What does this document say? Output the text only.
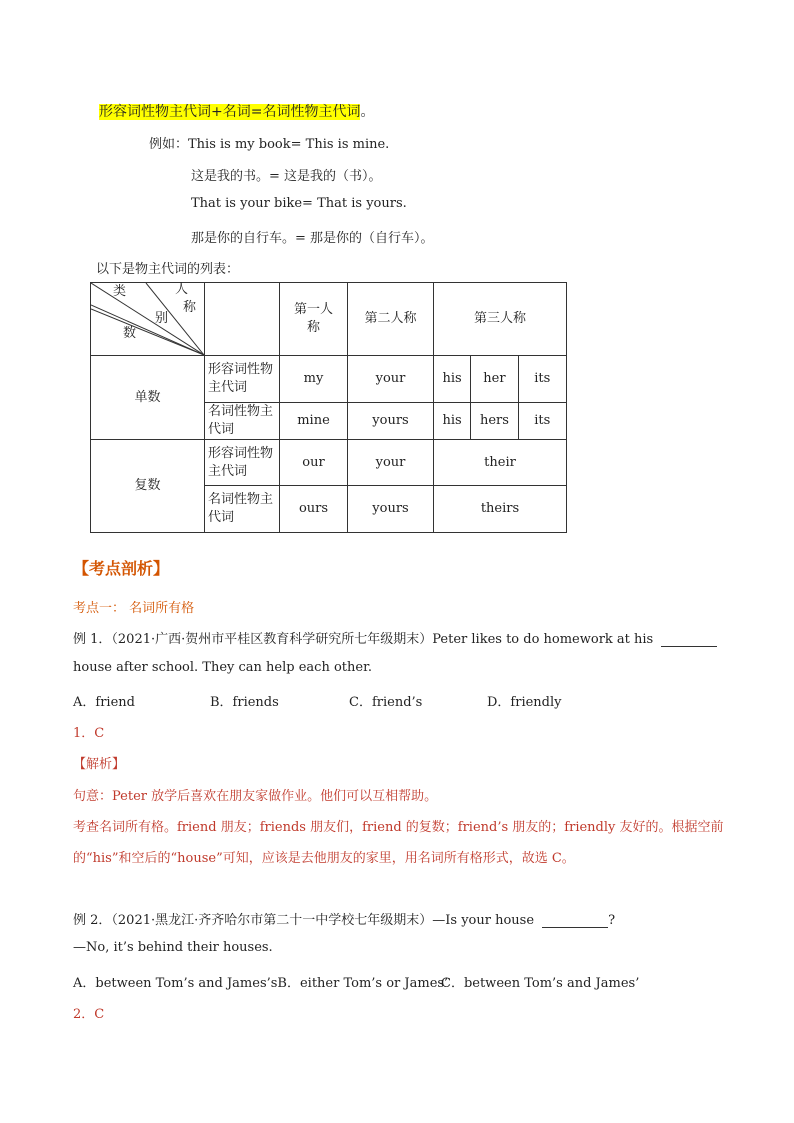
形容词性物主代词+名词=名词性物主代词。
例如：This is my book= This is mine.
这是我的书。= 这是我的（书）。
That is your bike= That is yours.
那是你的自行车。= 那是你的（自行车）。
以下是物主代词的列表：
类 人
称
别
数		第一人称	第二人称	第三人称		
单数	形容词性物主代词	my	your	his	her	its

	名词性物主代词	mine	yours	his	hers	its
复数	形容词性物主代词	our	your	their		

	名词性物主代词	ours	yours	theirs		
【考点剖析】
考点一： 名词所有格
例 1．（2021·广西·贺州市平桂区教育科学研究所七年级期末）Peter likes to do homework at his
house after school. They can help each other.
A．friend	B．friends	C．friend’s	D．friendly
1．C
【解析】
句意：Peter 放学后喜欢在朋友家做作业。他们可以互相帮助。
考查名词所有格。friend 朋友；friends 朋友们，friend 的复数；friend’s 朋友的；friendly 友好的。根据空前
的“his”和空后的“house”可知，应该是去他朋友的家里，用名词所有格形式，故选 C。
例 2．（2021·黑龙江·齐齐哈尔市第二十一中学校七年级期末）—Is your house	?
—No, it’s behind their houses.
A．between Tom’s and James’sB．either Tom’s or James’
C．between Tom’s and James’
2．C
